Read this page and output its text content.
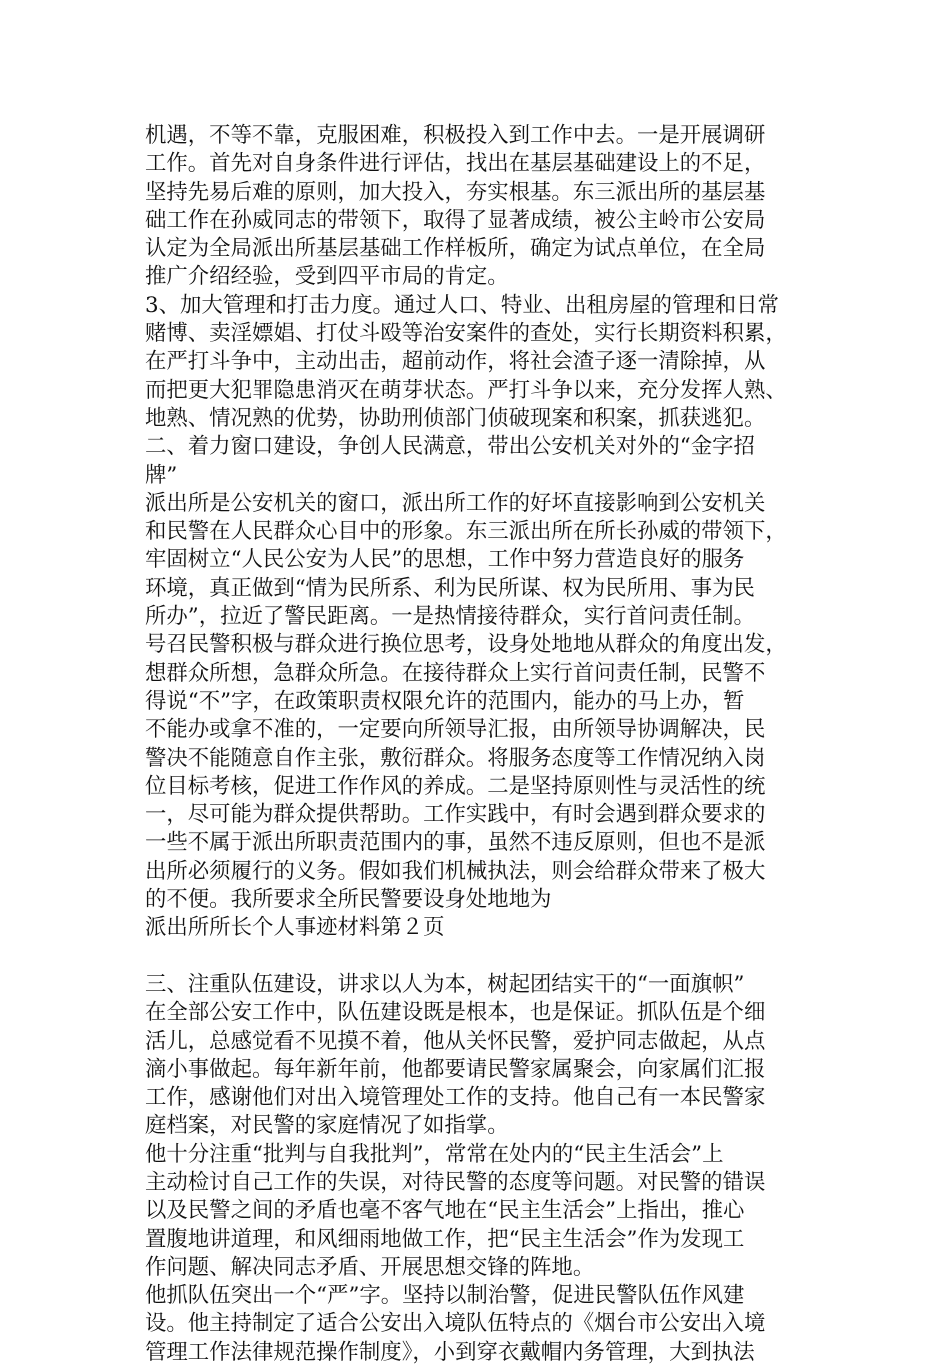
机遇，不等不靠，克服困难，积极投入到工作中去。一是开展调研
工作。首先对自身条件进行评估，找出在基层基础建设上的不足，
坚持先易后难的原则，加大投入，夯实根基。东三派出所的基层基
础工作在孙威同志的带领下，取得了显著成绩，被公主岭市公安局
认定为全局派出所基层基础工作样板所，确定为试点单位，在全局
推广介绍经验，受到四平市局的肯定。
3、加大管理和打击力度。通过人口、特业、出租房屋的管理和日常
赌博、卖淫嫖娼、打仗斗殴等治安案件的查处，实行长期资料积累，
在严打斗争中，主动出击，超前动作，将社会渣子逐一清除掉，从
而把更大犯罪隐患消灭在萌芽状态。严打斗争以来，充分发挥人熟、
地熟、情况熟的优势，协助刑侦部门侦破现案和积案，抓获逃犯。
二、着力窗口建设，争创人民满意，带出公安机关对外的“金字招
牌”
派出所是公安机关的窗口，派出所工作的好坏直接影响到公安机关
和民警在人民群众心目中的形象。东三派出所在所长孙威的带领下，
牢固树立“人民公安为人民”的思想，工作中努力营造良好的服务
环境，真正做到“情为民所系、利为民所谋、权为民所用、事为民
所办”，拉近了警民距离。一是热情接待群众，实行首问责任制。
号召民警积极与群众进行换位思考，设身处地地从群众的角度出发，
想群众所想，急群众所急。在接待群众上实行首问责任制，民警不
得说“不”字，在政策职责权限允许的范围内，能办的马上办，暂
不能办或拿不准的，一定要向所领导汇报，由所领导协调解决，民
警决不能随意自作主张，敷衍群众。将服务态度等工作情况纳入岗
位目标考核，促进工作作风的养成。二是坚持原则性与灵活性的统
一，尽可能为群众提供帮助。工作实践中，有时会遇到群众要求的
一些不属于派出所职责范围内的事，虽然不违反原则，但也不是派
出所必须履行的义务。假如我们机械执法，则会给群众带来了极大
的不便。我所要求全所民警要设身处地地为
派出所所长个人事迹材料第２页
三、注重队伍建设，讲求以人为本，树起团结实干的“一面旗帜”
在全部公安工作中，队伍建设既是根本，也是保证。抓队伍是个细
活儿，总感觉看不见摸不着，他从关怀民警，爱护同志做起，从点
滴小事做起。每年新年前，他都要请民警家属聚会，向家属们汇报
工作，感谢他们对出入境管理处工作的支持。他自己有一本民警家
庭档案，对民警的家庭情况了如指掌。
他十分注重“批判与自我批判”，常常在处内的“民主生活会”上
主动检讨自己工作的失误，对待民警的态度等问题。对民警的错误
以及民警之间的矛盾也毫不客气地在“民主生活会”上指出，推心
置腹地讲道理，和风细雨地做工作，把“民主生活会”作为发现工
作问题、解决同志矛盾、开展思想交锋的阵地。
他抓队伍突出一个“严”字。坚持以制治警，促进民警队伍作风建
设。他主持制定了适合公安出入境队伍特点的《烟台市公安出入境
管理工作法律规范操作制度》，小到穿衣戴帽内务管理，大到执法
